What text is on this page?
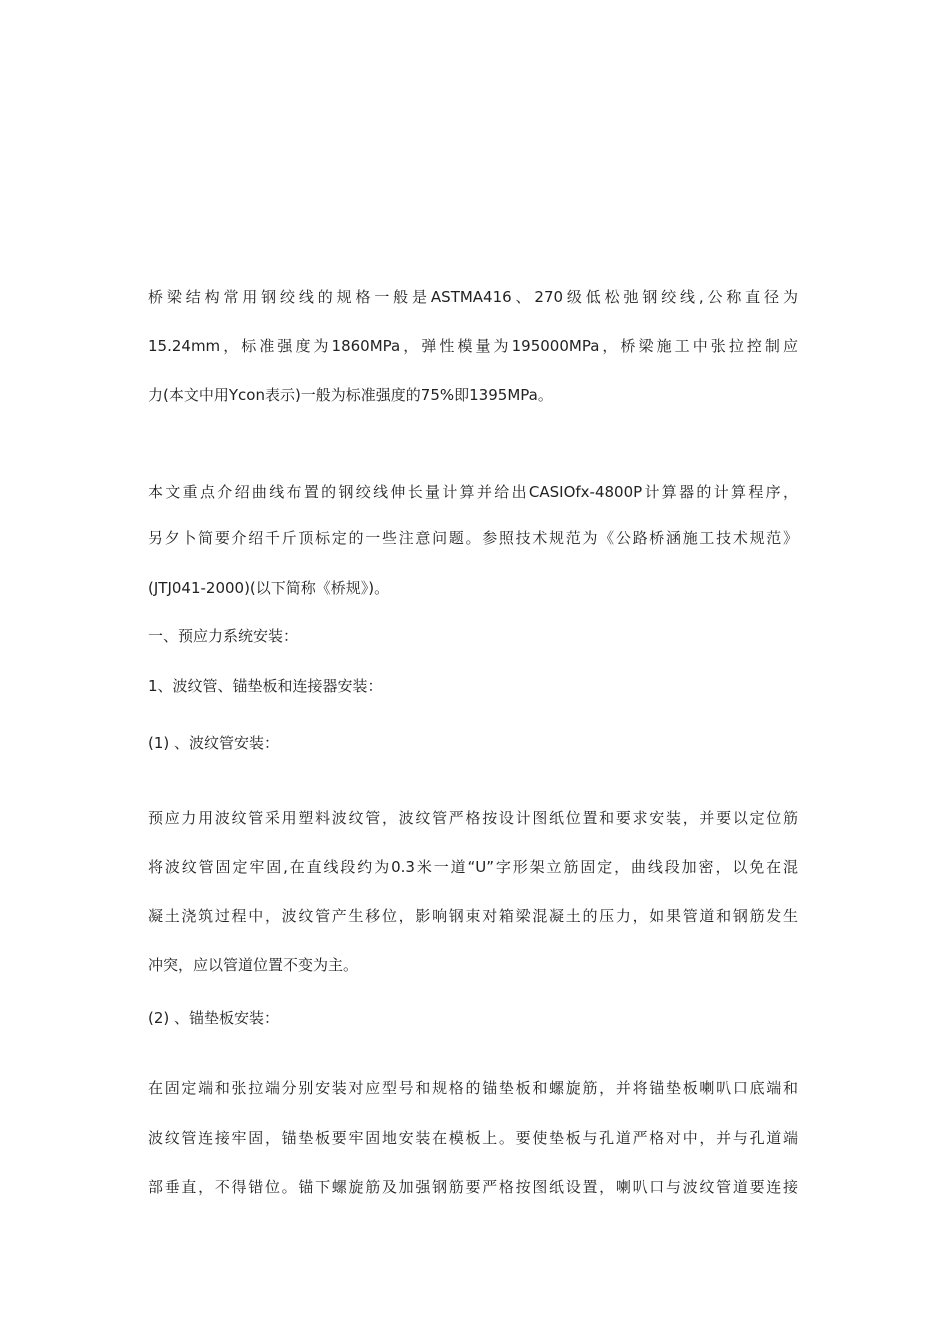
桥梁结构常用钢绞线的规格一般是ASTMA416、270级低松弛钢绞线,公称直径为
15.24mm，标准强度为1860MPa，弹性模量为195000MPa，桥梁施工中张拉控制应
力(本文中用Ycon表示)一般为标准强度的75%即1395MPa。
本文重点介绍曲线布置的钢绞线伸长量计算并给出CASIOfx-4800P计算器的计算程序，
另夕卜简要介绍千斤顶标定的一些注意问题。参照技术规范为《公路桥涵施工技术规范》
(JTJ041-2000)(以下简称《桥规》)。
一、预应力系统安装：
1、波纹管、锚垫板和连接器安装：
(1) 、波纹管安装：
预应力用波纹管采用塑料波纹管，波纹管严格按设计图纸位置和要求安装，并要以定位筋
将波纹管固定牢固,在直线段约为0.3米一道“U”字形架立筋固定，曲线段加密，以免在混
凝土浇筑过程中，波纹管产生移位，影响钢束对箱梁混凝土的压力，如果管道和钢筋发生
冲突，应以管道位置不变为主。
(2) 、锚垫板安装：
在固定端和张拉端分别安装对应型号和规格的锚垫板和螺旋筋，并将锚垫板喇叭口底端和
波纹管连接牢固，锚垫板要牢固地安装在模板上。要使垫板与孔道严格对中，并与孔道端
部垂直，不得错位。锚下螺旋筋及加强钢筋要严格按图纸设置，喇叭口与波纹管道要连接
